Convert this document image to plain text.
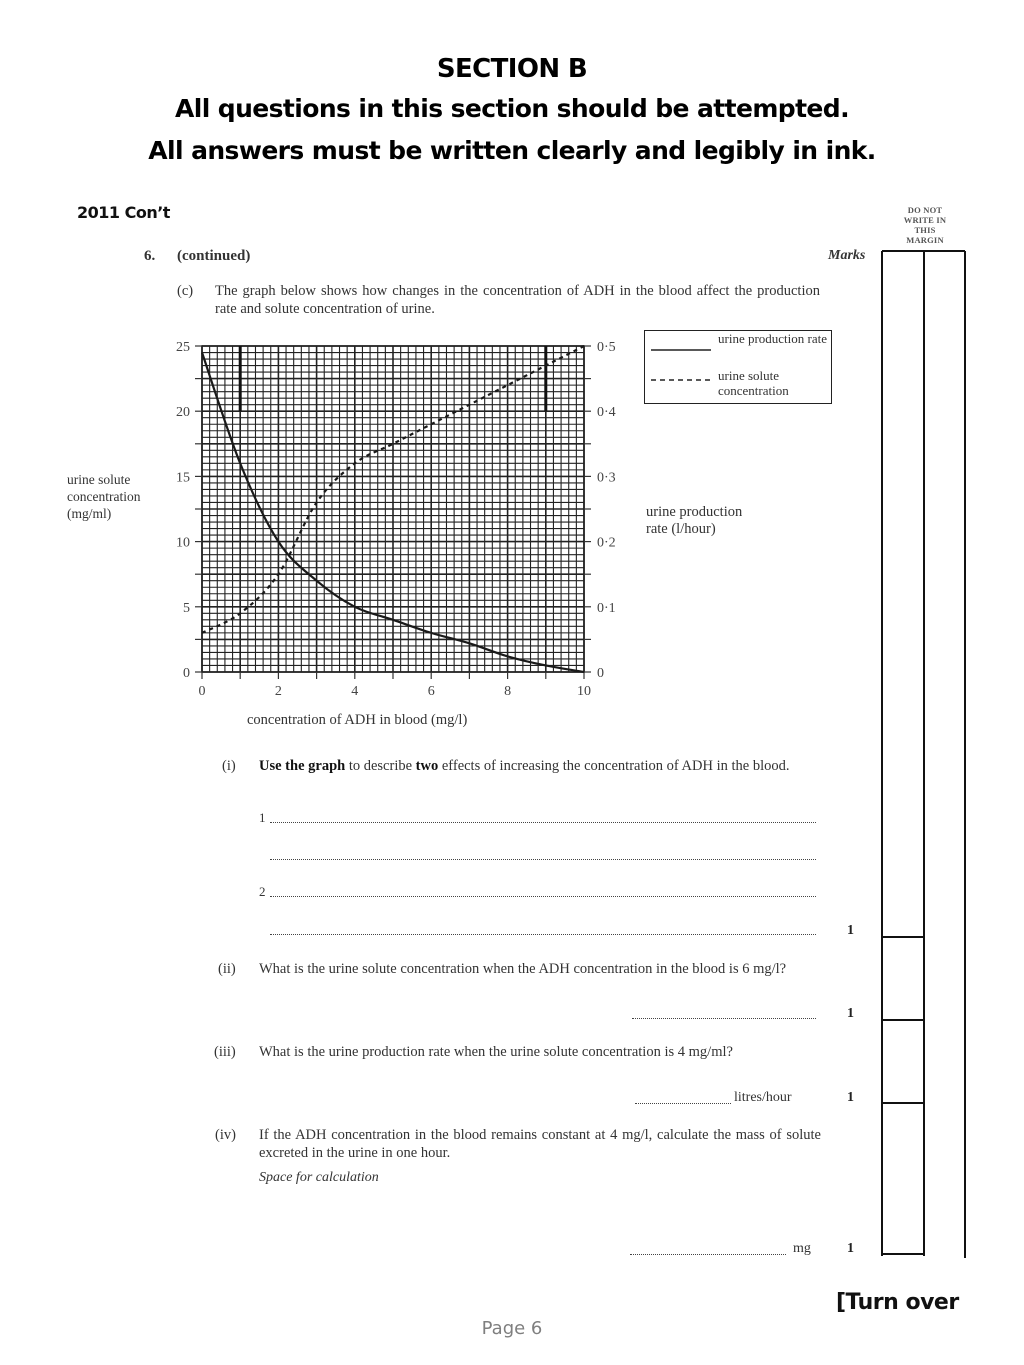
SECTION B
All questions in this section should be attempted.
All answers must be written clearly and legibly in ink.
2011 Con’t	DO NOT
WRITE IN
THIS
MARGIN
Marks
6. (continued)
(c) The graph below shows how changes in the concentration of ADH in the blood affect the production rate and solute concentration of urine.
0
5
10
15
20
25
0
0·1
0·2
0·3
0·4
0·5
0	2	4	6	8	10
urine solute
concentration
(mg/ml)	urine production
rate (l/hour)
concentration of ADH in blood (mg/l)
urine production rate
urine solute concentration
(i) Use the graph to describe two effects of increasing the concentration of ADH in the blood.
1
2
1
(ii) What is the urine solute concentration when the ADH concentration in the blood is 6 mg/l?
1
(iii) What is the urine production rate when the urine solute concentration is 4 mg/ml?
litres/hour	1
(iv) If the ADH concentration in the blood remains constant at 4 mg/l, calculate the mass of solute excreted in the urine in one hour.
Space for calculation
mg	1
[Turn over
Page 6
